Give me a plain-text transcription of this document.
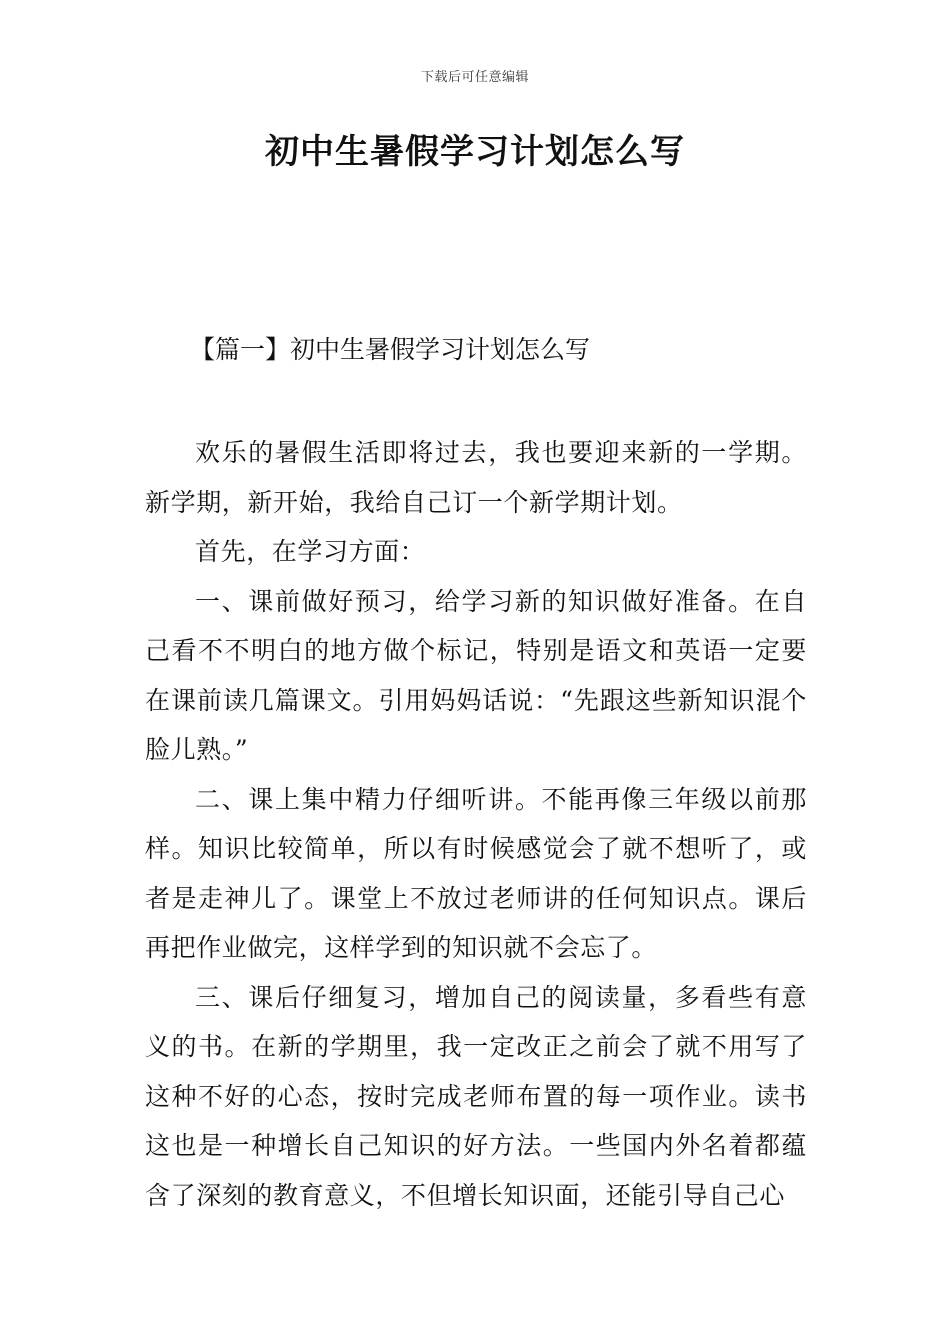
下载后可任意编辑
初中生暑假学习计划怎么写
【篇一】初中生暑假学习计划怎么写

欢乐的暑假生活即将过去，我也要迎来新的一学期。新学期，新开始，我给自己订一个新学期计划。

首先，在学习方面：

一、课前做好预习，给学习新的知识做好准备。在自己看不不明白的地方做个标记，特别是语文和英语一定要在课前读几篇课文。引用妈妈话说：“先跟这些新知识混个脸儿熟。”

二、课上集中精力仔细听讲。不能再像三年级以前那样。知识比较简单，所以有时候感觉会了就不想听了，或者是走神儿了。课堂上不放过老师讲的任何知识点。课后再把作业做完，这样学到的知识就不会忘了。

三、课后仔细复习，增加自己的阅读量，多看些有意义的书。在新的学期里，我一定改正之前会了就不用写了这种不好的心态，按时完成老师布置的每一项作业。读书这也是一种增长自己知识的好方法。一些国内外名着都蕴含了深刻的教育意义，不但增长知识面，还能引导自己心
